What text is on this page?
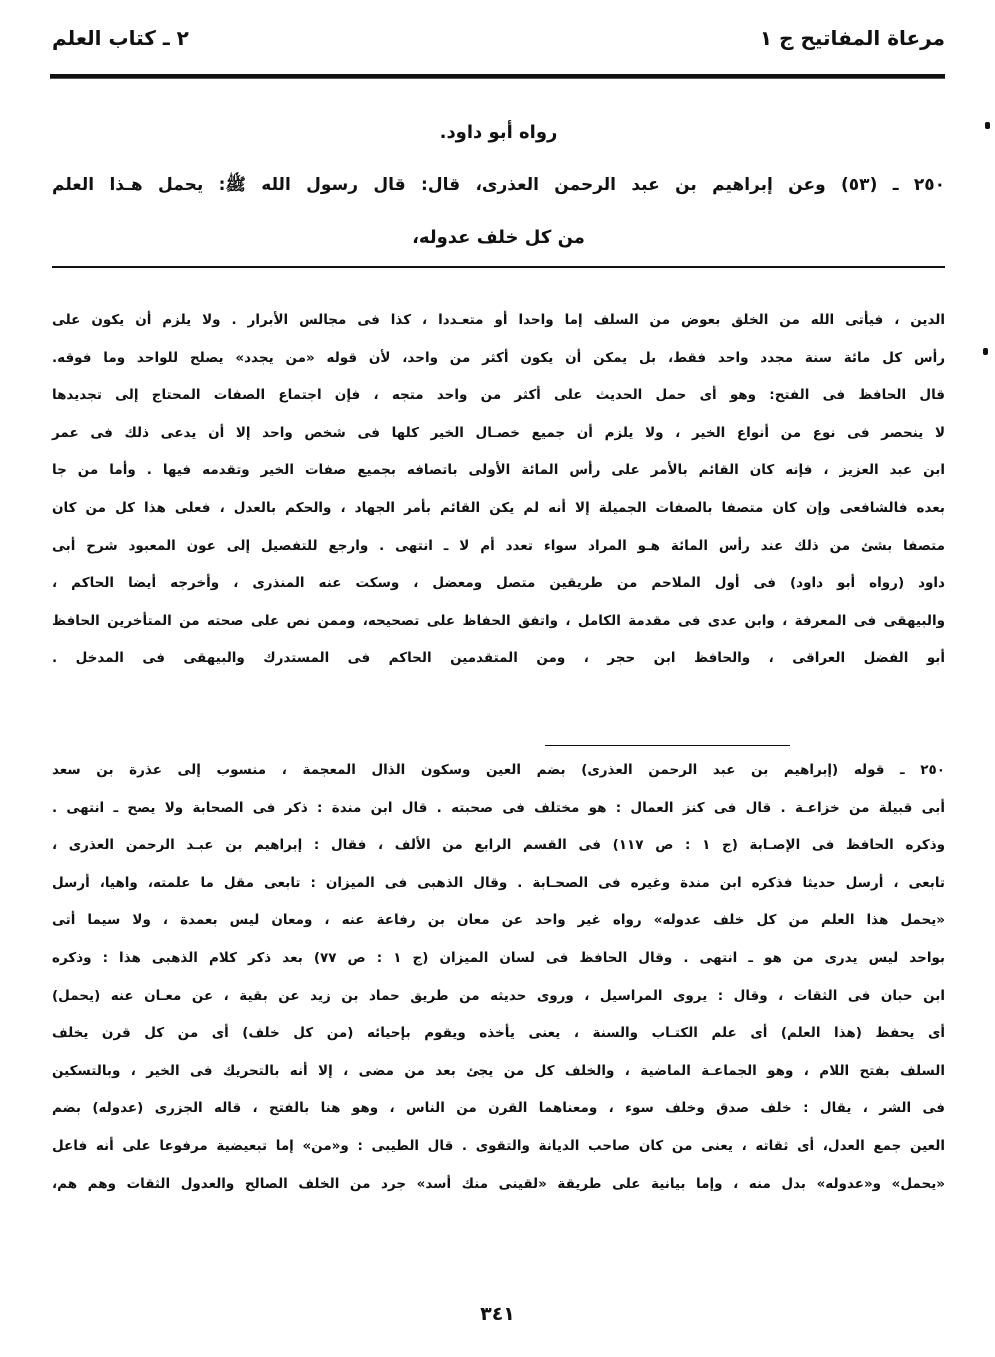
مرعاة المفاتيح ج ١
٢ ـ كتاب العلم
رواه أبو داود.
٢٥٠ ـ (٥٣) وعن إبراهيم بن عبد الرحمن العذرى، قال: قال رسول الله ﷺ: يحمل هـذا العلم
من كل خلف عدوله،
الدين ، فيأتى الله من الخلق بعوض من السلف إما واحدا أو متعـددا ، كذا فى مجالس الأبرار . ولا يلزم أن يكون على
رأس كل مائة سنة مجدد واحد فقط، بل يمكن أن يكون أكثر من واحد، لأن قوله «من يجدد» يصلح للواحد وما فوقه.
قال الحافظ فى الفتح: وهو أى حمل الحديث على أكثر من واحد متجه ، فإن اجتماع الصفات المحتاج إلى تجديدها
لا ينحصر فى نوع من أنواع الخير ، ولا يلزم أن جميع خصـال الخير كلها فى شخص واحد إلا أن يدعى ذلك فى عمر
ابن عبد العزيز ، فإنه كان القائم بالأمر على رأس المائة الأولى باتصافه بجميع صفات الخير وتقدمه فيها . وأما من جا
بعده فالشافعى وإن كان متصفا بالصفات الجميلة إلا أنه لم يكن القائم بأمر الجهاد ، والحكم بالعدل ، فعلى هذا كل من كان
متصفا بشئ من ذلك عند رأس المائة هـو المراد سواء تعدد أم لا ـ انتهى . وارجع للتفصيل إلى عون المعبود شرح أبى
داود (رواه أبو داود) فى أول الملاحم من طريقين متصل ومعضل ، وسكت عنه المنذرى ، وأخرجه أيضا الحاكم ،
والبيهقى فى المعرفة ، وابن عدى فى مقدمة الكامل ، واتفق الحفاظ على تصحيحه، وممن نص على صحته من المتأخرين الحافظ
أبو الفضل العراقى ، والحافظ ابن حجر ، ومن المتقدمين الحاكم فى المستدرك والبيهقى فى المدخل .
٢٥٠ ـ قوله (إبراهيم بن عبد الرحمن العذرى) بضم العين وسكون الذال المعجمة ، منسوب إلى عذرة بن سعد
أبى قبيلة من خزاعـة . قال فى كنز العمال : هو مختلف فى صحبته . قال ابن مندة : ذكر فى الصحابة ولا يصح ـ انتهى .
وذكره الحافظ فى الإصـابة (ج ١ : ص ١١٧) فى القسم الرابع من الألف ، فقال : إبراهيم بن عبـد الرحمن العذرى ،
تابعى ، أرسل حديثا فذكره ابن مندة وغيره فى الصحـابة . وقال الذهبى فى الميزان : تابعى مقل ما علمته، واهيا، أرسل
«يحمل هذا العلم من كل خلف عدوله» رواه غير واحد عن معان بن رفاعة عنه ، ومعان ليس بعمدة ، ولا سيما أتى
بواحد ليس يدرى من هو ـ انتهى . وقال الحافظ فى لسان الميزان (ج ١ : ص ٧٧) بعد ذكر كلام الذهبى هذا : وذكره
ابن حبان فى الثقات ، وقال : يروى المراسيل ، وروى حديثه من طريق حماد بن زيد عن بقية ، عن معـان عنه (يحمل)
أى يحفظ (هذا العلم) أى علم الكتـاب والسنة ، يعنى يأخذه ويقوم بإحيائه (من كل خلف) أى من كل قرن يخلف
السلف بفتح اللام ، وهو الجماعـة الماضية ، والخلف كل من يجئ بعد من مضى ، إلا أنه بالتحريك فى الخير ، وبالتسكين
فى الشر ، يقال : خلف صدق وخلف سوء ، ومعناهما القرن من الناس ، وهو هنا بالفتح ، قاله الجزرى (عدوله) بضم
العين جمع العدل، أى ثقاته ، يعنى من كان صاحب الديانة والتقوى . قال الطيبى : و«من» إما تبعيضية مرفوعا على أنه فاعل
«يحمل» و«عدوله» بدل منه ، وإما بيانية على طريقة «لقينى منك أسد» جرد من الخلف الصالح والعدول الثقات وهم هم،
٣٤١
